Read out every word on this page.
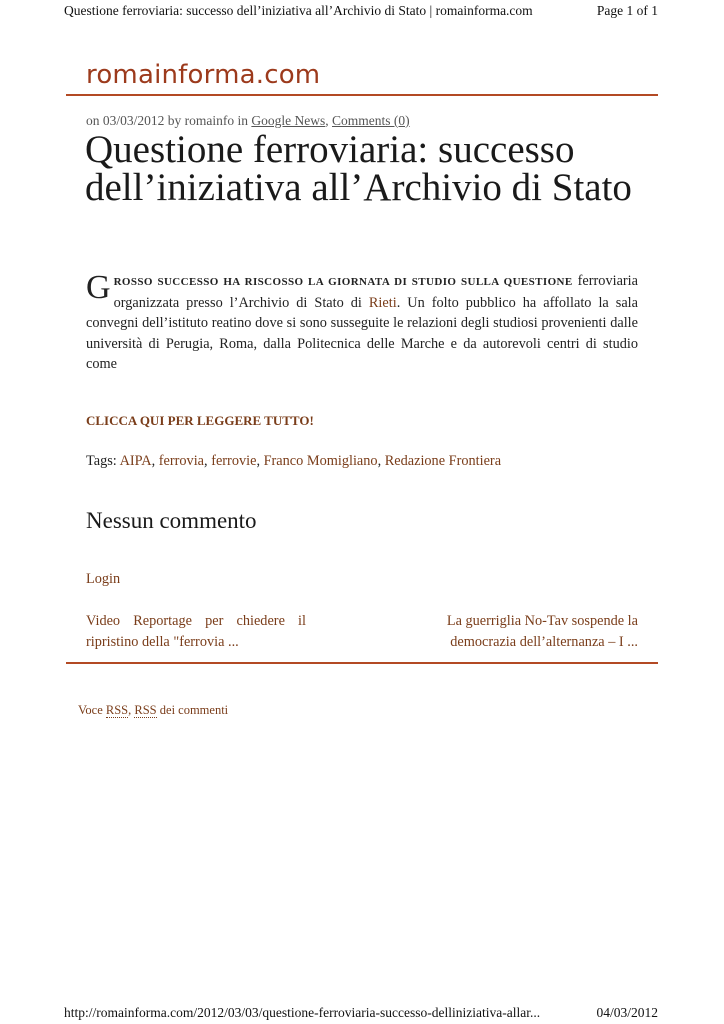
Questione ferroviaria: successo dell’iniziativa all’Archivio di Stato | romainforma.com	Page 1 of 1
romainforma.com
on 03/03/2012 by romainfo in Google News, Comments (0)
Questione ferroviaria: successo dell’iniziativa all’Archivio di Stato
GROSSO SUCCESSO HA RISCOSSO LA GIORNATA DI STUDIO SULLA QUESTIONE ferroviaria organizzata presso l’Archivio di Stato di Rieti. Un folto pubblico ha affollato la sala convegni dell’istituto reatino dove si sono susseguite le relazioni degli studiosi provenienti dalle università di Perugia, Roma, dalla Politecnica delle Marche e da autorevoli centri di studio come
CLICCA QUI PER LEGGERE TUTTO!
Tags: AIPA, ferrovia, ferrovie, Franco Momigliano, Redazione Frontiera
Nessun commento
Login
Video Reportage per chiedere il ripristino della "ferrovia ...
La guerriglia No-Tav sospende la democrazia dell’alternanza – I ...
Voce RSS, RSS dei commenti
http://romainforma.com/2012/03/03/questione-ferroviaria-successo-delliniziativa-allar...	04/03/2012
